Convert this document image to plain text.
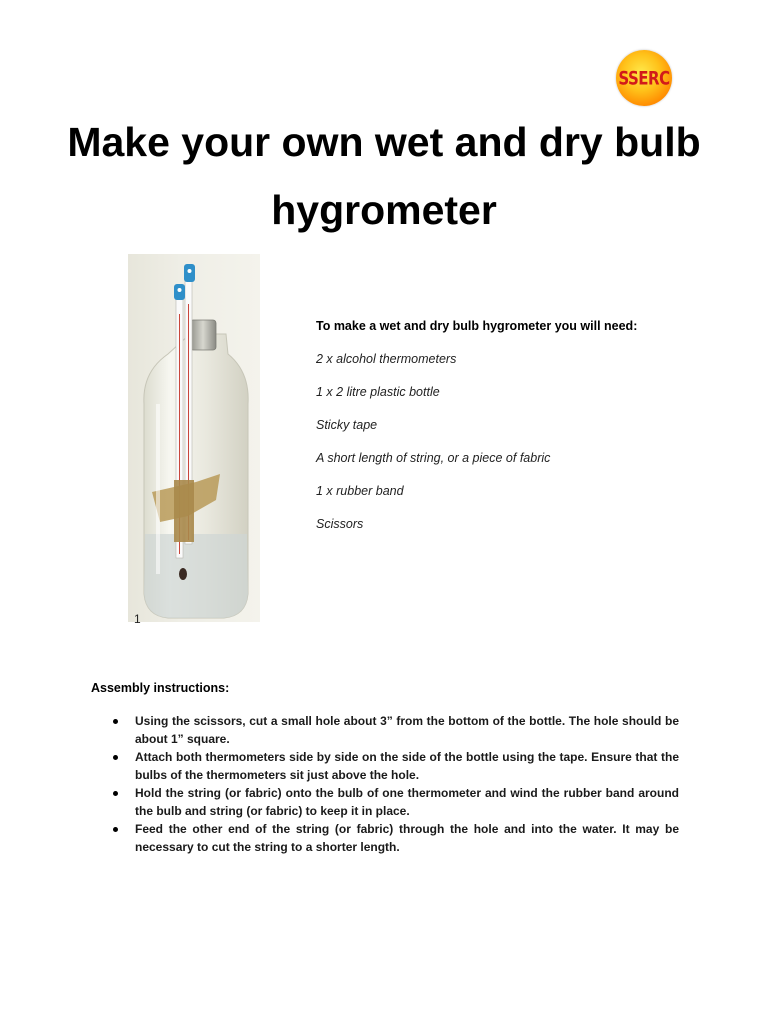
SSERC
Make your own wet and dry bulb hygrometer
1

To make a wet and dry bulb hygrometer you will need:

2 x alcohol thermometers
1 x 2 litre plastic bottle
Sticky tape
A short length of string, or a piece of fabric
1 x rubber band
Scissors
Assembly instructions:
Using the scissors, cut a small hole about 3” from the bottom of the bottle. The hole should be about 1” square.
Attach both thermometers side by side on the side of the bottle using the tape. Ensure that the bulbs of the thermometers sit just above the hole.
Hold the string (or fabric) onto the bulb of one thermometer and wind the rubber band around the bulb and string (or fabric) to keep it in place.
Feed the other end of the string (or fabric) through the hole and into the water. It may be necessary to cut the string to a shorter length.
